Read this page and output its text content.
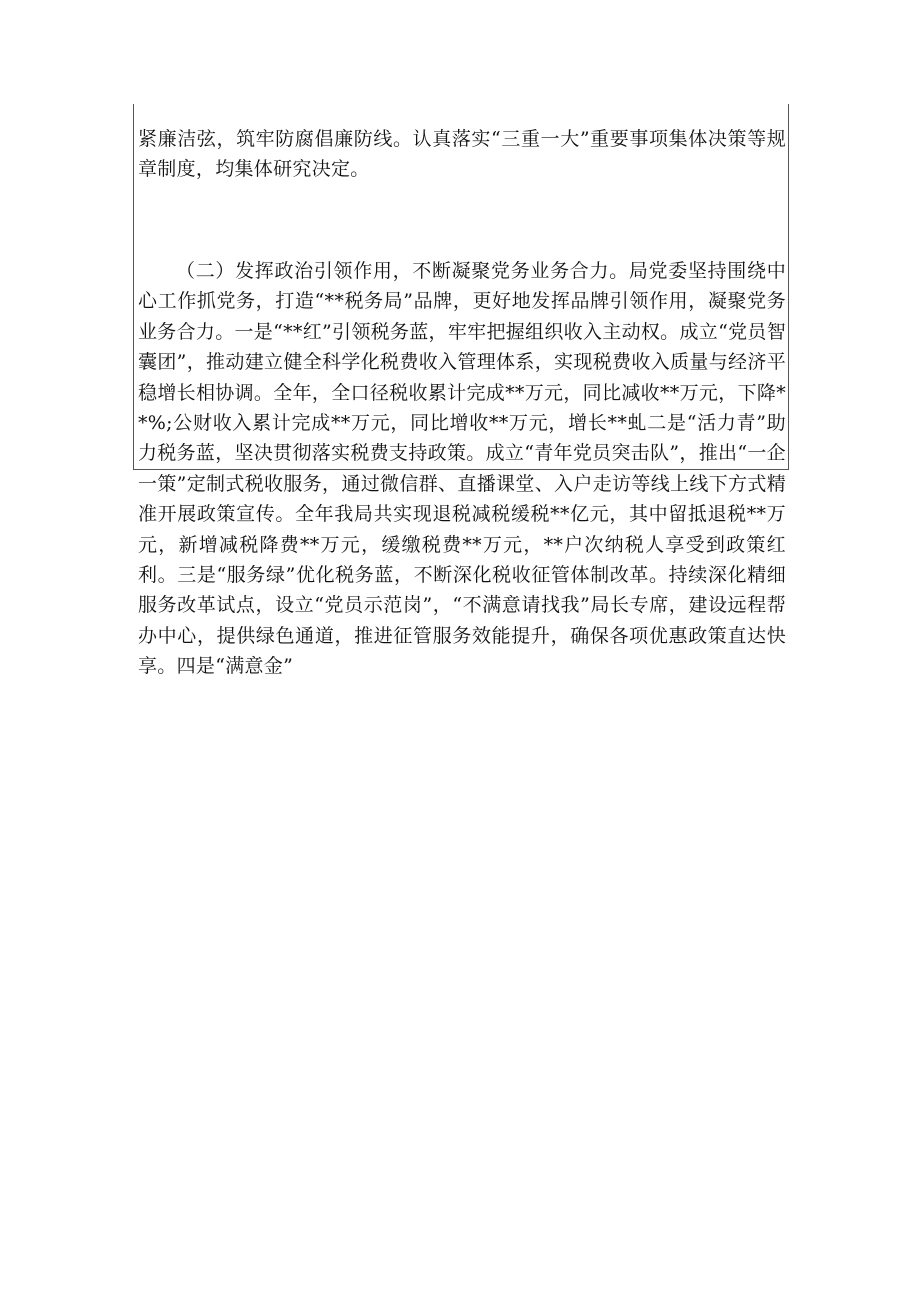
紧廉洁弦，筑牢防腐倡廉防线。认真落实“三重一大”重要事项集体决策等规章制度，均集体研究决定。

（二）发挥政治引领作用，不断凝聚党务业务合力。局党委坚持围绕中心工作抓党务，打造“**税务局”品牌，更好地发挥品牌引领作用，凝聚党务业务合力。一是“**红”引领税务蓝，牢牢把握组织收入主动权。成立“党员智囊团”，推动建立健全科学化税费收入管理体系，实现税费收入质量与经济平稳增长相协调。全年，全口径税收累计完成**万元，同比减收**万元，下降**%;公财收入累计完成**万元，同比增收**万元，增长**虬二是“活力青”助力税务蓝，坚决贯彻落实税费支持政策。成立“青年党员突击队”，推出“一企一策”定制式税收服务，通过微信群、直播课堂、入户走访等线上线下方式精准开展政策宣传。全年我局共实现退税减税缓税**亿元，其中留抵退税**万元，新增减税降费**万元，缓缴税费**万元，**户次纳税人享受到政策红利。三是“服务绿”优化税务蓝，不断深化税收征管体制改革。持续深化精细服务改革试点，设立“党员示范岗”，“不满意请找我”局长专席，建设远程帮办中心，提供绿色通道，推进征管服务效能提升，确保各项优惠政策直达快享。四是“满意金”
